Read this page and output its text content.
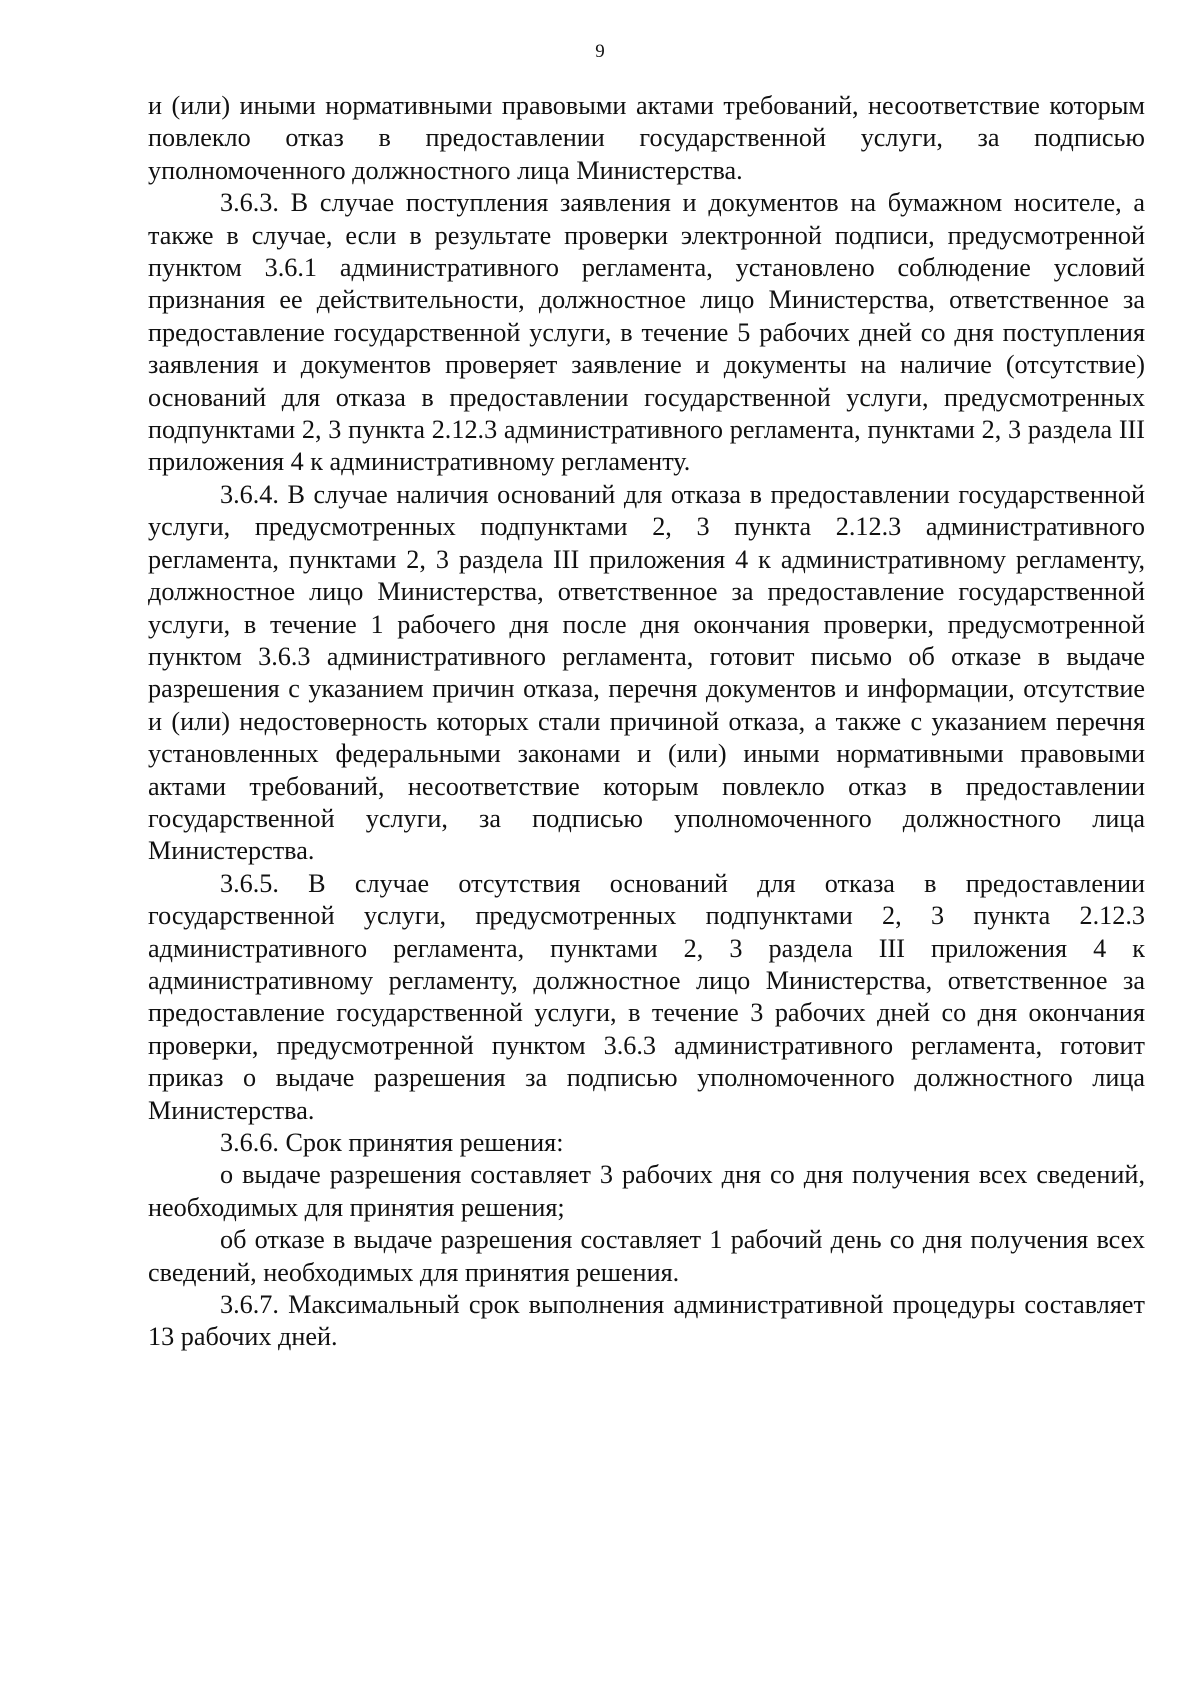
9

и (или) иными нормативными правовыми актами требований, несоответствие которым повлекло отказ в предоставлении государственной услуги, за подписью уполномоченного должностного лица Министерства.

3.6.3. В случае поступления заявления и документов на бумажном носителе, а также в случае, если в результате проверки электронной подписи, предусмотренной пунктом 3.6.1 административного регламента, установлено соблюдение условий признания ее действительности, должностное лицо Министерства, ответственное за предоставление государственной услуги, в течение 5 рабочих дней со дня поступления заявления и документов проверяет заявление и документы на наличие (отсутствие) оснований для отказа в предоставлении государственной услуги, предусмотренных подпунктами 2, 3 пункта 2.12.3 административного регламента, пунктами 2, 3 раздела III приложения 4 к административному регламенту.

3.6.4. В случае наличия оснований для отказа в предоставлении государственной услуги, предусмотренных подпунктами 2, 3 пункта 2.12.3 административного регламента, пунктами 2, 3 раздела III приложения 4 к административному регламенту, должностное лицо Министерства, ответственное за предоставление государственной услуги, в течение 1 рабочего дня после дня окончания проверки, предусмотренной пунктом 3.6.3 административного регламента, готовит письмо об отказе в выдаче разрешения с указанием причин отказа, перечня документов и информации, отсутствие и (или) недостоверность которых стали причиной отказа, а также с указанием перечня установленных федеральными законами и (или) иными нормативными правовыми актами требований, несоответствие которым повлекло отказ в предоставлении государственной услуги, за подписью уполномоченного должностного лица Министерства.

3.6.5. В случае отсутствия оснований для отказа в предоставлении государственной услуги, предусмотренных подпунктами 2, 3 пункта 2.12.3 административного регламента, пунктами 2, 3 раздела III приложения 4 к административному регламенту, должностное лицо Министерства, ответственное за предоставление государственной услуги, в течение 3 рабочих дней со дня окончания проверки, предусмотренной пунктом 3.6.3 административного регламента, готовит приказ о выдаче разрешения за подписью уполномоченного должностного лица Министерства.

3.6.6. Срок принятия решения:

о выдаче разрешения составляет 3 рабочих дня со дня получения всех сведений, необходимых для принятия решения;

об отказе в выдаче разрешения составляет 1 рабочий день со дня получения всех сведений, необходимых для принятия решения.

3.6.7. Максимальный срок выполнения административной процедуры составляет 13 рабочих дней.
